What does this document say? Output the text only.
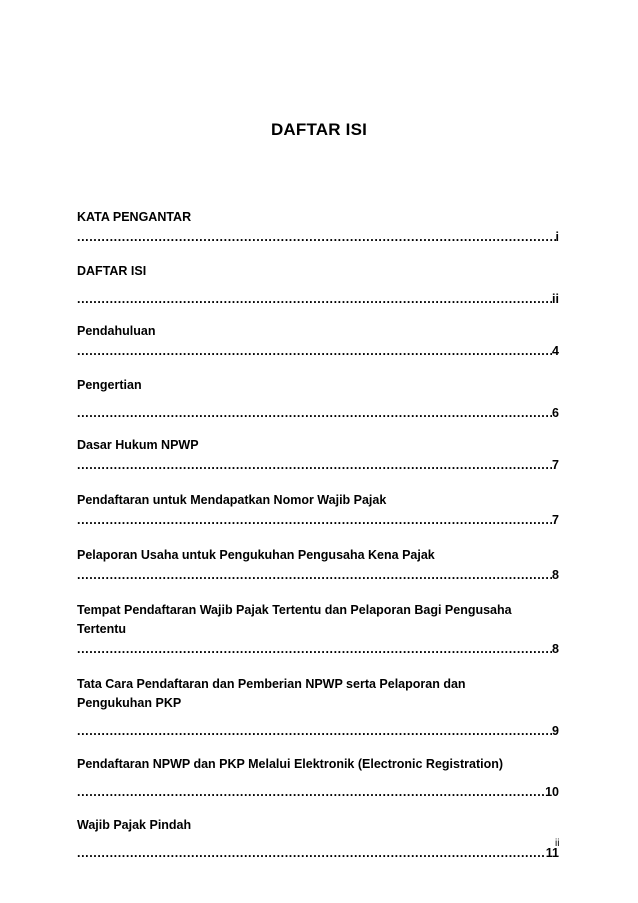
DAFTAR ISI
KATA PENGANTAR
.....
i
DAFTAR ISI
.....
ii
Pendahuluan
.....
4
Pengertian
.....
6
Dasar Hukum NPWP
.....
7
Pendaftaran untuk Mendapatkan Nomor Wajib Pajak
.....
7
Pelaporan Usaha untuk Pengukuhan Pengusaha Kena Pajak
.....
8
Tempat Pendaftaran Wajib Pajak Tertentu dan Pelaporan Bagi Pengusaha Tertentu
.....
8
Tata Cara Pendaftaran dan Pemberian NPWP serta Pelaporan dan Pengukuhan PKP
.....
9
Pendaftaran NPWP dan PKP Melalui Elektronik (Electronic Registration)
.....
10
Wajib Pajak Pindah
.....
11
ii
